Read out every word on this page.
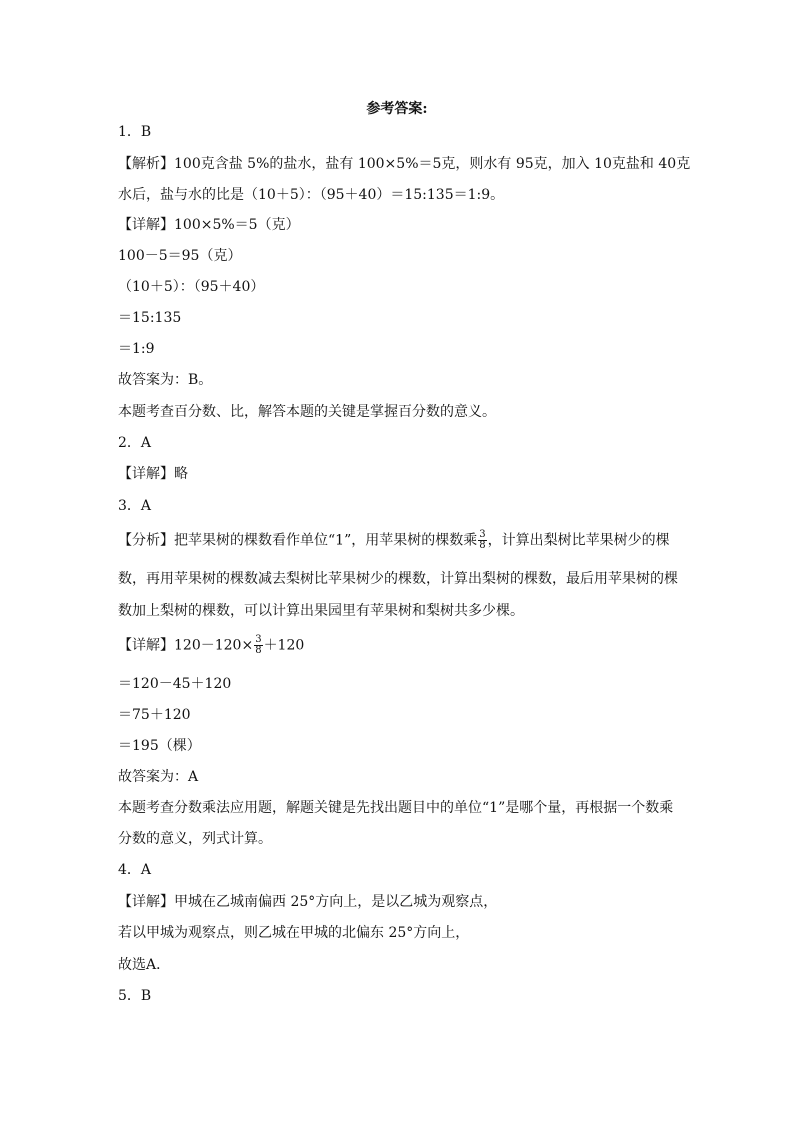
参考答案:
1．B
【解析】100克含盐 5%的盐水，盐有 100×5%＝5克，则水有 95克，加入 10克盐和 40克
水后，盐与水的比是（10＋5）：（95＋40）＝15:135＝1:9。
【详解】100×5%＝5（克）
100－5＝95（克）
（10＋5）：（95＋40）
＝15:135
＝1:9
故答案为：B。
本题考查百分数、比，解答本题的关键是掌握百分数的意义。
2．A
【详解】略
3．A
【分析】把苹果树的棵数看作单位“1”，用苹果树的棵数乘 $\frac{3}{8}$ ，计算出梨树比苹果树少的棵
数，再用苹果树的棵数减去梨树比苹果树少的棵数，计算出梨树的棵数，最后用苹果树的棵
数加上梨树的棵数，可以计算出果园里有苹果树和梨树共多少棵。
【详解】$120-120\times \frac{3}{8} +120$
＝120－45＋120
＝75＋120
＝195（棵）
故答案为：A
本题考查分数乘法应用题，解题关键是先找出题目中的单位“1”是哪个量，再根据一个数乘
分数的意义，列式计算。
4．A
【详解】甲城在乙城南偏西 25°方向上，是以乙城为观察点，
若以甲城为观察点，则乙城在甲城的北偏东 25°方向上，
故选A．
5．B
